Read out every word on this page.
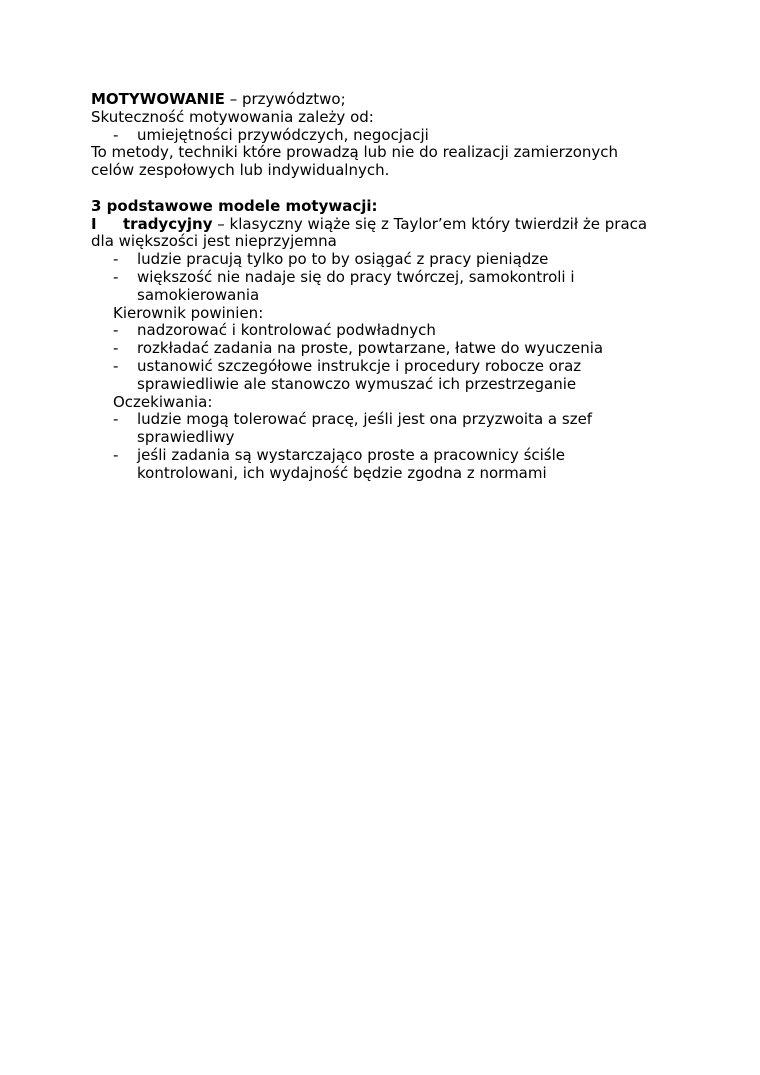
MOTYWOWANIE – przywództwo;

Skuteczność motywowania zależy od:

- umiejętności przywódczych, negocjacji

To metody, techniki które prowadzą lub nie do realizacji zamierzonych

celów zespołowych lub indywidualnych.

3 podstawowe modele motywacji:

I tradycyjny – klasyczny wiąże się z Taylor’em który twierdził że praca

dla większości jest nieprzyjemna

- ludzie pracują tylko po to by osiągać z pracy pieniądze
- większość nie nadaje się do pracy twórczej, samokontroli i
samokierowania

Kierownik powinien:

- nadzorować i kontrolować podwładnych
- rozkładać zadania na proste, powtarzane, łatwe do wyuczenia
- ustanowić szczegółowe instrukcje i procedury robocze oraz
sprawiedliwie ale stanowczo wymuszać ich przestrzeganie

Oczekiwania:

- ludzie mogą tolerować pracę, jeśli jest ona przyzwoita a szef
sprawiedliwy
- jeśli zadania są wystarczająco proste a pracownicy ściśle
kontrolowani, ich wydajność będzie zgodna z normami
